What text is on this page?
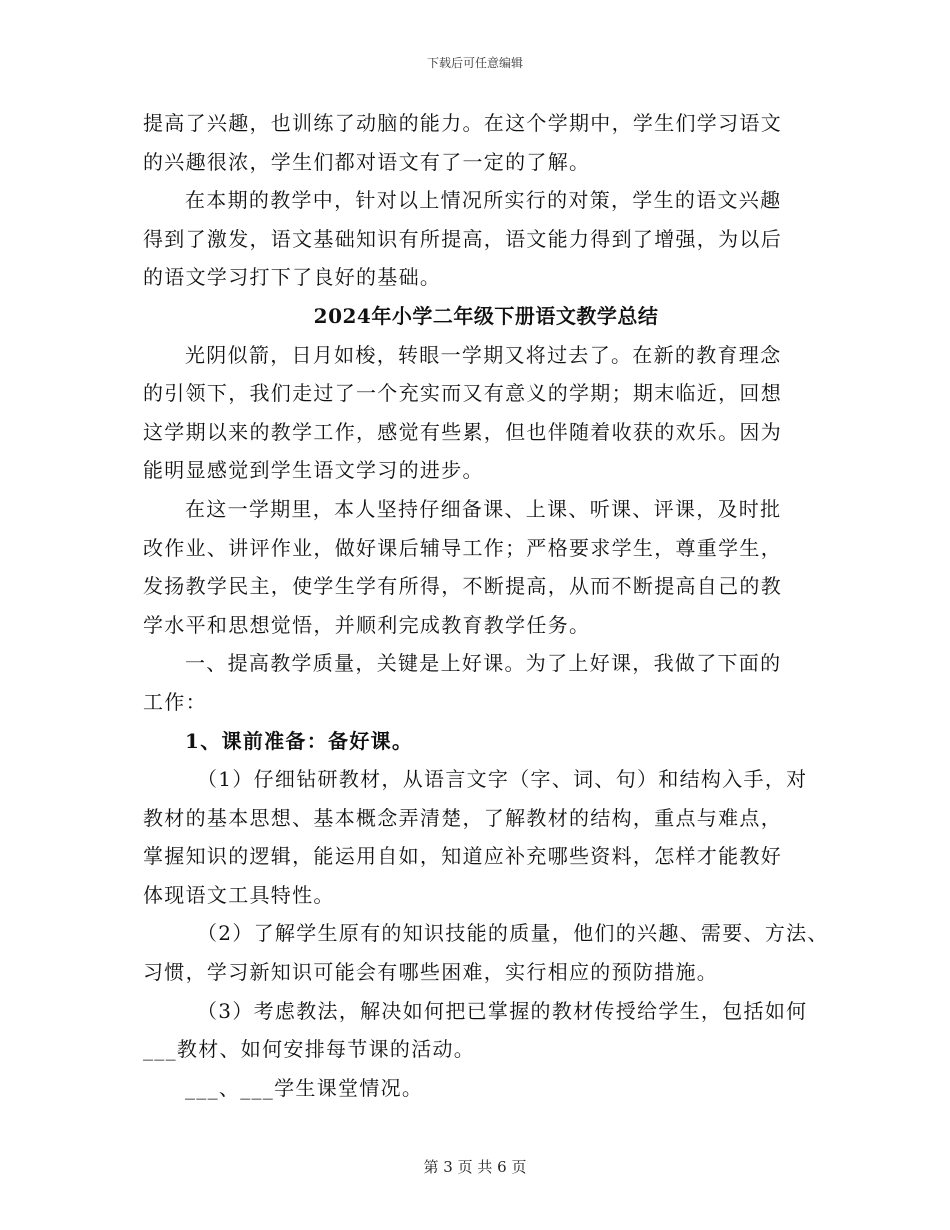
下载后可任意编辑
提高了兴趣，也训练了动脑的能力。在这个学期中，学生们学习语文
的兴趣很浓，学生们都对语文有了一定的了解。
在本期的教学中，针对以上情况所实行的对策，学生的语文兴趣
得到了激发，语文基础知识有所提高，语文能力得到了增强，为以后
的语文学习打下了良好的基础。
2024年小学二年级下册语文教学总结
光阴似箭，日月如梭，转眼一学期又将过去了。在新的教育理念
的引领下，我们走过了一个充实而又有意义的学期；期末临近，回想
这学期以来的教学工作，感觉有些累，但也伴随着收获的欢乐。因为
能明显感觉到学生语文学习的进步。
在这一学期里，本人坚持仔细备课、上课、听课、评课，及时批
改作业、讲评作业，做好课后辅导工作；严格要求学生，尊重学生，
发扬教学民主，使学生学有所得，不断提高，从而不断提高自己的教
学水平和思想觉悟，并顺利完成教育教学任务。
一、提高教学质量，关键是上好课。为了上好课，我做了下面的
工作：
1、课前准备：备好课。
（1）仔细钻研教材，从语言文字（字、词、句）和结构入手，对
教材的基本思想、基本概念弄清楚，了解教材的结构，重点与难点，
掌握知识的逻辑，能运用自如，知道应补充哪些资料，怎样才能教好
体现语文工具特性。
（2）了解学生原有的知识技能的质量，他们的兴趣、需要、方法、
习惯，学习新知识可能会有哪些困难，实行相应的预防措施。
（3）考虑教法，解决如何把已掌握的教材传授给学生，包括如何
___教材、如何安排每节课的活动。
___、___学生课堂情况。
第 3 页 共 6 页
